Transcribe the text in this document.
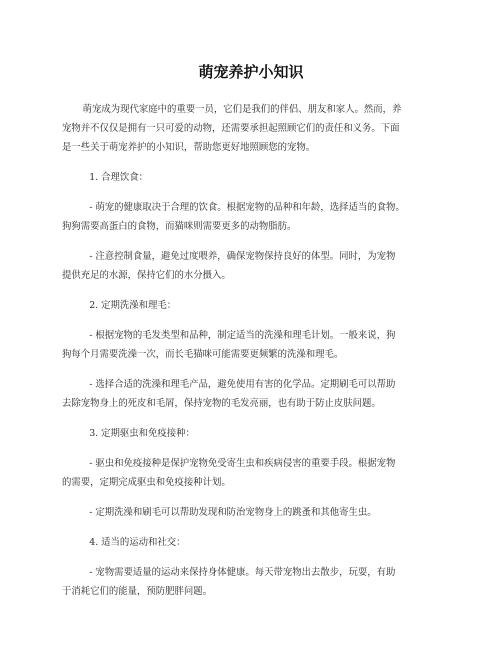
萌宠养护小知识

萌宠成为现代家庭中的重要一员，它们是我们的伴侣、朋友和家人。然而，养
宠物并不仅仅是拥有一只可爱的动物，还需要承担起照顾它们的责任和义务。下面
是一些关于萌宠养护的小知识，帮助您更好地照顾您的宠物。

1. 合理饮食：

- 萌宠的健康取决于合理的饮食。根据宠物的品种和年龄，选择适当的食物。
狗狗需要高蛋白的食物，而猫咪则需要更多的动物脂肪。

- 注意控制食量，避免过度喂养，确保宠物保持良好的体型。同时，为宠物
提供充足的水源，保持它们的水分摄入。

2. 定期洗澡和理毛：

- 根据宠物的毛发类型和品种，制定适当的洗澡和理毛计划。一般来说，狗
狗每个月需要洗澡一次，而长毛猫咪可能需要更频繁的洗澡和理毛。

- 选择合适的洗澡和理毛产品，避免使用有害的化学品。定期刷毛可以帮助
去除宠物身上的死皮和毛屑，保持宠物的毛发亮丽，也有助于防止皮肤问题。

3. 定期驱虫和免疫接种：

- 驱虫和免疫接种是保护宠物免受寄生虫和疾病侵害的重要手段。根据宠物
的需要，定期完成驱虫和免疫接种计划。

- 定期洗澡和刷毛可以帮助发现和防治宠物身上的跳蚤和其他寄生虫。

4. 适当的运动和社交：

- 宠物需要适量的运动来保持身体健康。每天带宠物出去散步，玩耍，有助
于消耗它们的能量，预防肥胖问题。
